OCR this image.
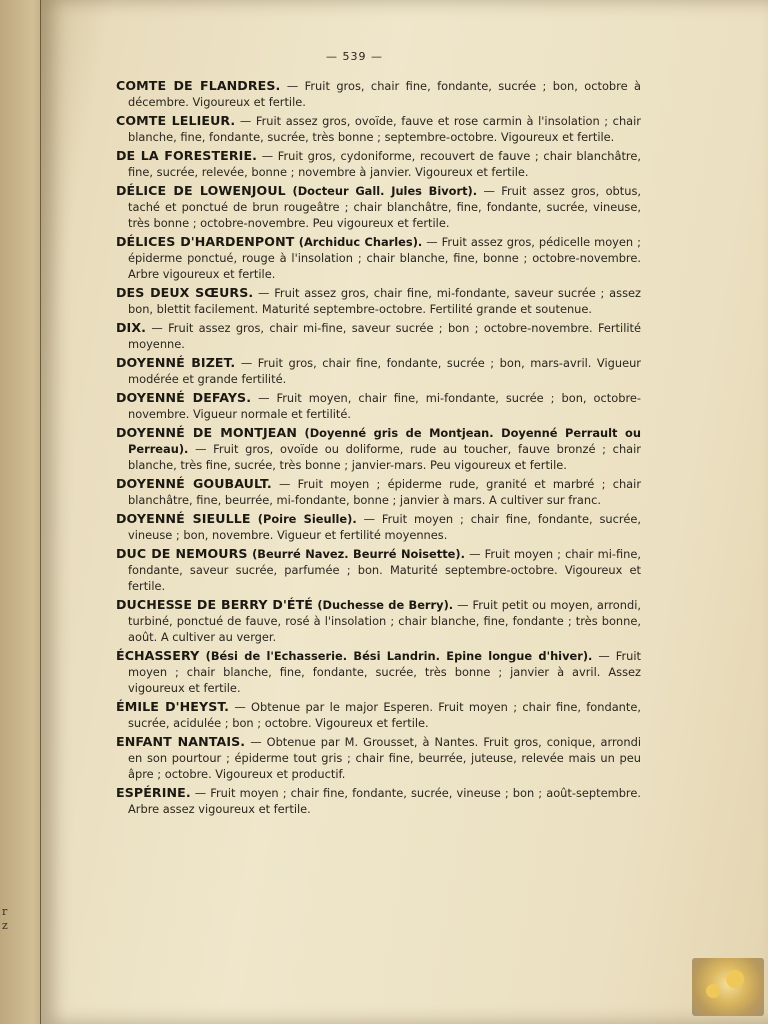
r
z
— 539 —

COMTE DE FLANDRES. — Fruit gros, chair fine, fondante, sucrée ; bon, octobre à décembre. Vigoureux et fertile.

COMTE LELIEUR. — Fruit assez gros, ovoïde, fauve et rose carmin à l'insolation ; chair blanche, fine, fondante, sucrée, très bonne ; septembre-octobre. Vigoureux et fertile.

DE LA FORESTERIE. — Fruit gros, cydoniforme, recouvert de fauve ; chair blanchâtre, fine, sucrée, relevée, bonne ; novembre à janvier. Vigoureux et fertile.

DÉLICE DE LOWENJOUL (Docteur Gall. Jules Bivort). — Fruit assez gros, obtus, taché et ponctué de brun rougeâtre ; chair blanchâtre, fine, fondante, sucrée, vineuse, très bonne ; octobre-novembre. Peu vigoureux et fertile.

DÉLICES D'HARDENPONT (Archiduc Charles). — Fruit assez gros, pédicelle moyen ; épiderme ponctué, rouge à l'insolation ; chair blanche, fine, bonne ; octobre-novembre. Arbre vigoureux et fertile.

DES DEUX SŒURS. — Fruit assez gros, chair fine, mi-fondante, saveur sucrée ; assez bon, blettit facilement. Maturité septembre-octobre. Fertilité grande et soutenue.

DIX. — Fruit assez gros, chair mi-fine, saveur sucrée ; bon ; octobre-novembre. Fertilité moyenne.

DOYENNÉ BIZET. — Fruit gros, chair fine, fondante, sucrée ; bon, mars-avril. Vigueur modérée et grande fertilité.

DOYENNÉ DEFAYS. — Fruit moyen, chair fine, mi-fondante, sucrée ; bon, octobre-novembre. Vigueur normale et fertilité.

DOYENNÉ DE MONTJEAN (Doyenné gris de Montjean. Doyenné Perrault ou Perreau). — Fruit gros, ovoïde ou doliforme, rude au toucher, fauve bronzé ; chair blanche, très fine, sucrée, très bonne ; janvier-mars. Peu vigoureux et fertile.

DOYENNÉ GOUBAULT. — Fruit moyen ; épiderme rude, granité et marbré ; chair blanchâtre, fine, beurrée, mi-fondante, bonne ; janvier à mars. A cultiver sur franc.

DOYENNÉ SIEULLE (Poire Sieulle). — Fruit moyen ; chair fine, fondante, sucrée, vineuse ; bon, novembre. Vigueur et fertilité moyennes.

DUC DE NEMOURS (Beurré Navez. Beurré Noisette). — Fruit moyen ; chair mi-fine, fondante, saveur sucrée, parfumée ; bon. Maturité septembre-octobre. Vigoureux et fertile.

DUCHESSE DE BERRY D'ÉTÉ (Duchesse de Berry). — Fruit petit ou moyen, arrondi, turbiné, ponctué de fauve, rosé à l'insolation ; chair blanche, fine, fondante ; très bonne, août. A cultiver au verger.

ÉCHASSERY (Bési de l'Echasserie. Bési Landrin. Epine longue d'hiver). — Fruit moyen ; chair blanche, fine, fondante, sucrée, très bonne ; janvier à avril. Assez vigoureux et fertile.

ÉMILE D'HEYST. — Obtenue par le major Esperen. Fruit moyen ; chair fine, fondante, sucrée, acidulée ; bon ; octobre. Vigoureux et fertile.

ENFANT NANTAIS. — Obtenue par M. Grousset, à Nantes. Fruit gros, conique, arrondi en son pourtour ; épiderme tout gris ; chair fine, beurrée, juteuse, relevée mais un peu âpre ; octobre. Vigoureux et productif.

ESPÉRINE. — Fruit moyen ; chair fine, fondante, sucrée, vineuse ; bon ; août-septembre. Arbre assez vigoureux et fertile.
